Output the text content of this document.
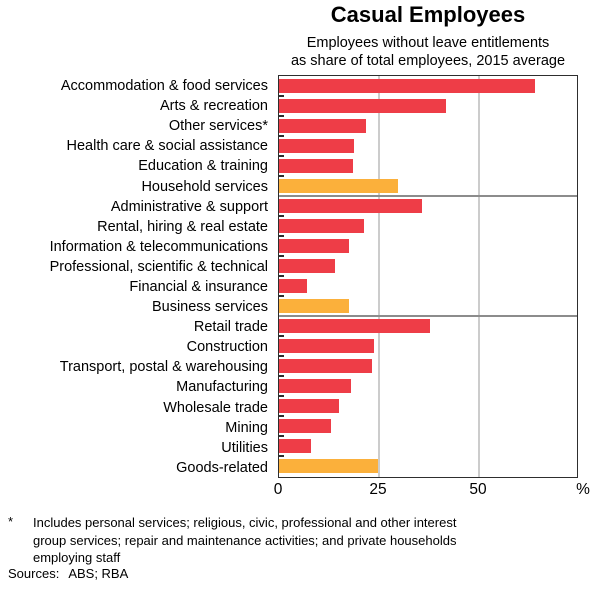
Casual Employees
Employees without leave entitlements
as share of total employees, 2015 average
Accommodation & food services
Arts & recreation
Other services*
Health care & social assistance
Education & training
Household services
Administrative & support
Rental, hiring & real estate
Information & telecommunications
Professional, scientific & technical
Financial & insurance
Business services
Retail trade
Construction
Transport, postal & warehousing
Manufacturing
Wholesale trade
Mining
Utilities
Goods-related
0	25	50	%
* Includes personal services; religious, civic, professional and other interest
group services; repair and maintenance activities; and private households
employing staff
Sources: ABS; RBA
